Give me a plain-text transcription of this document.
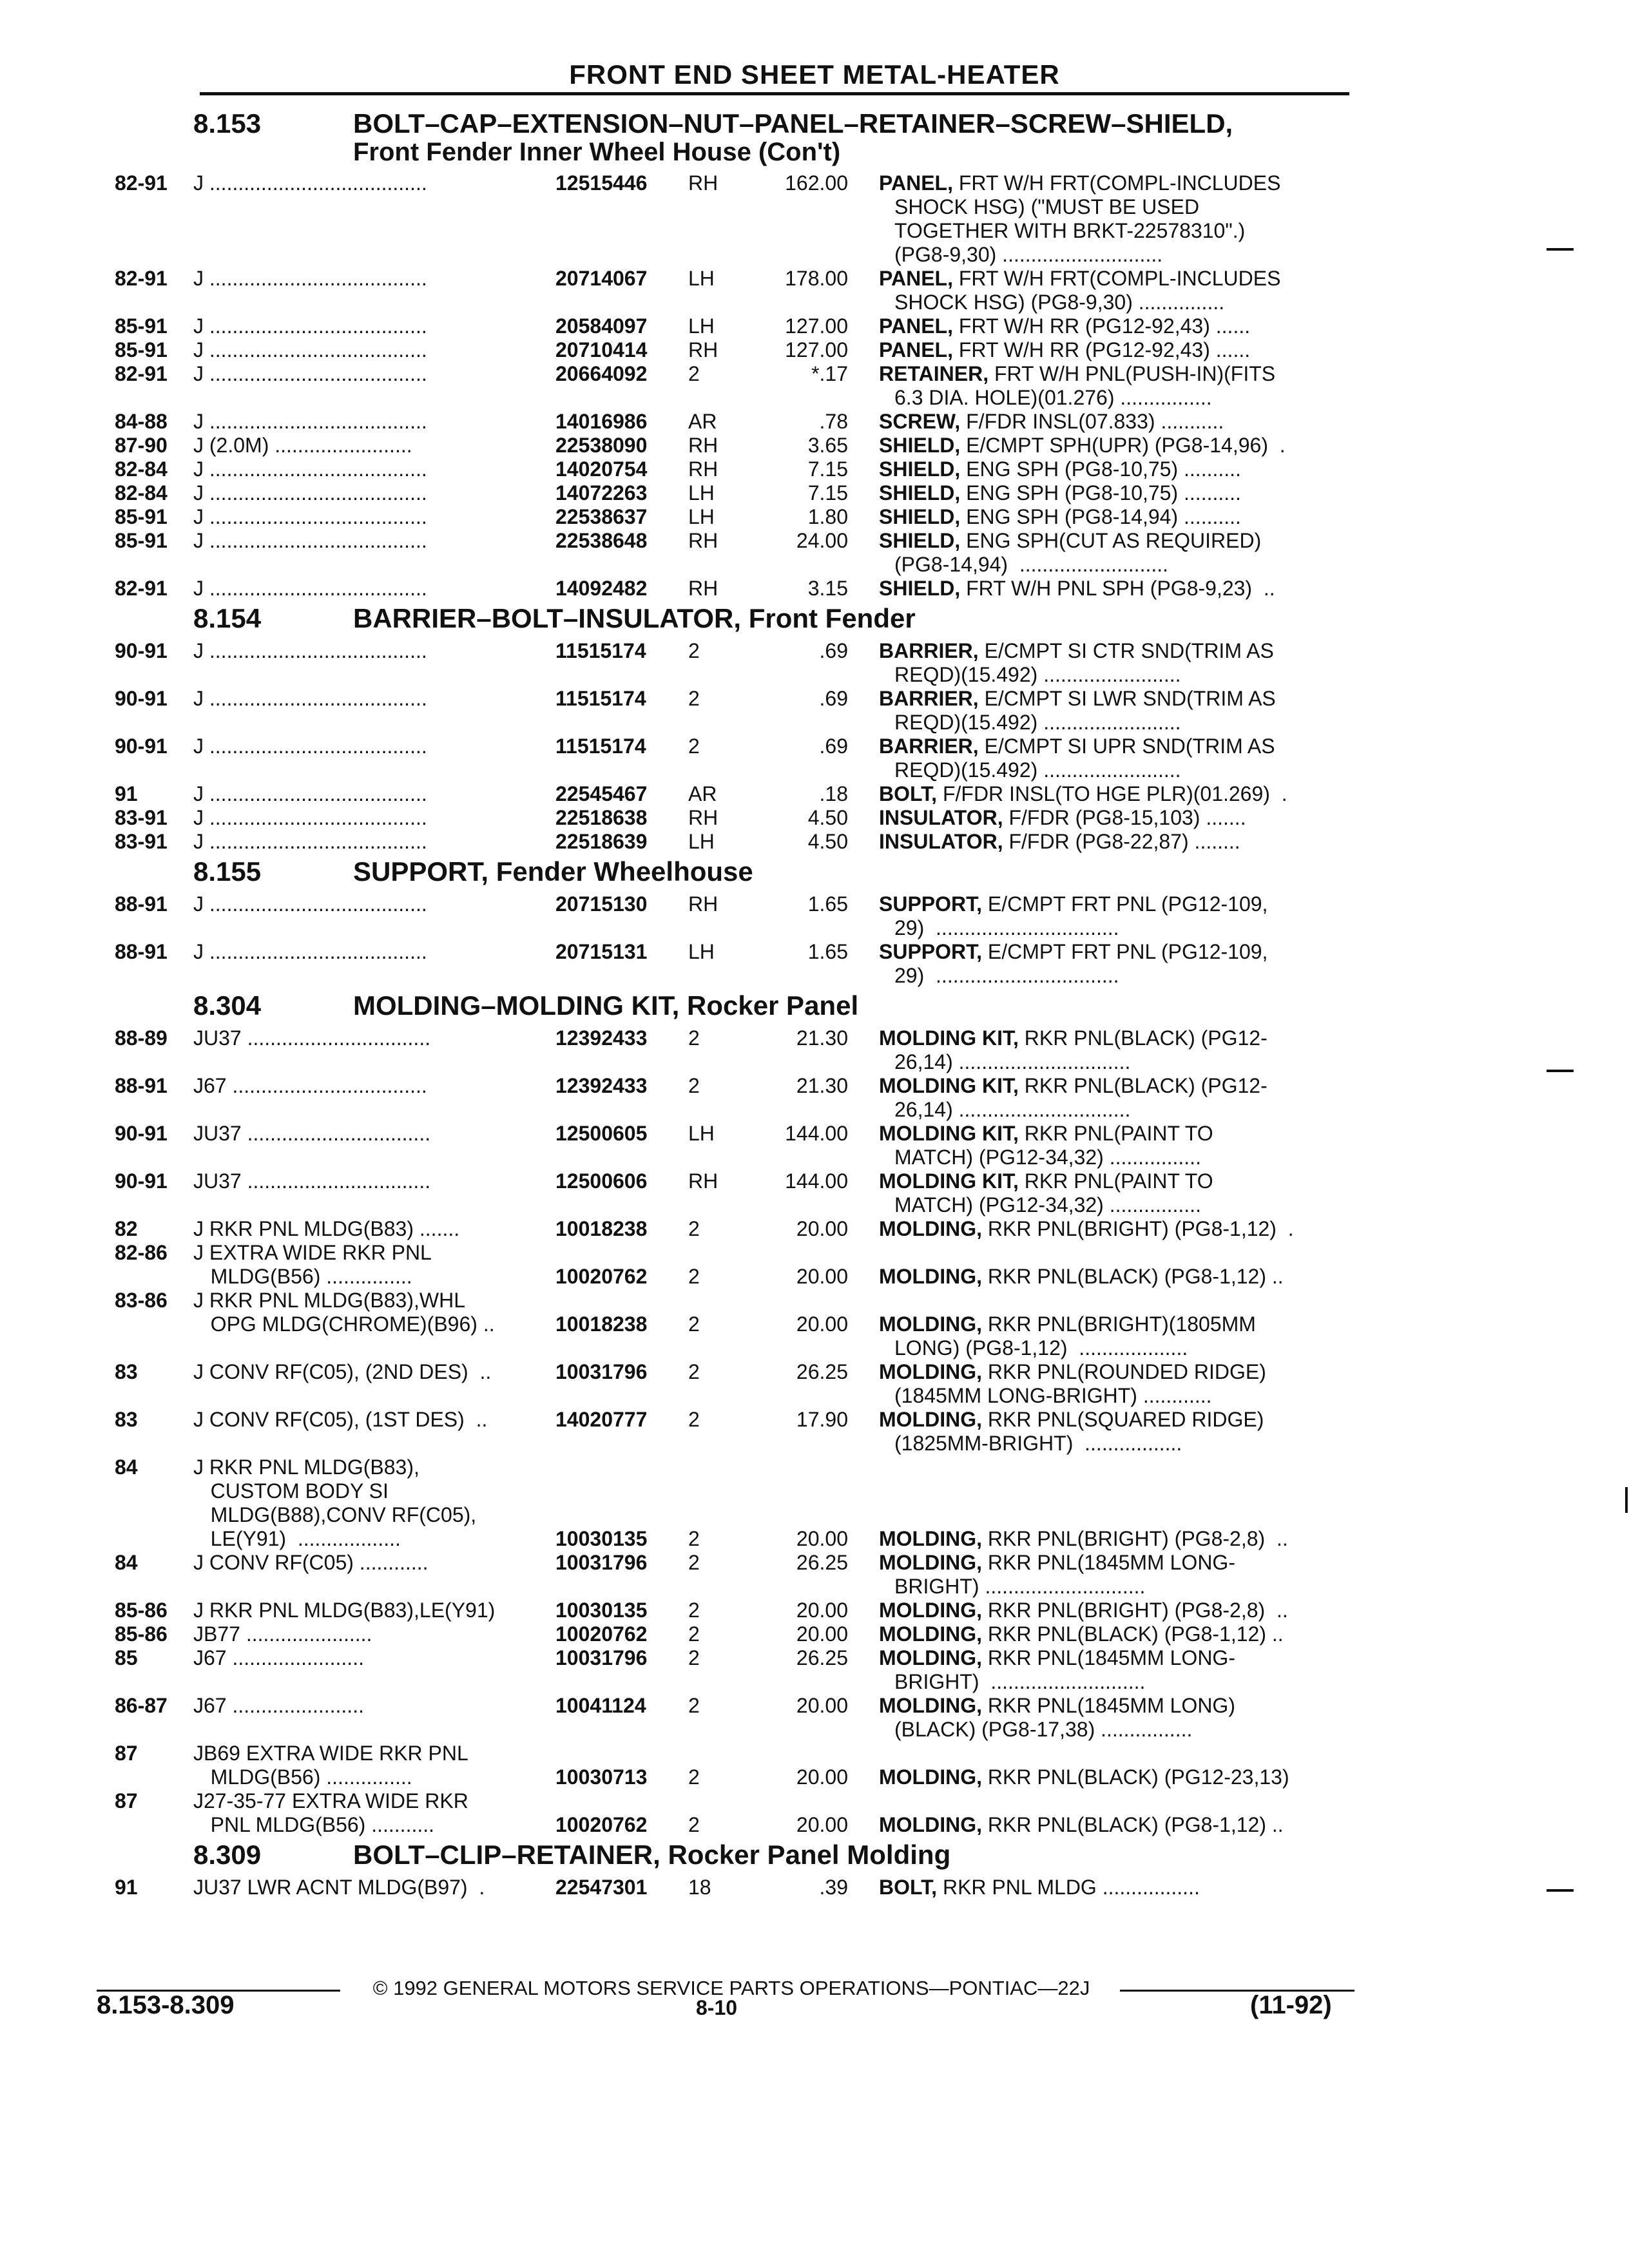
FRONT END SHEET METAL-HEATER
8.153	BOLT–CAP–EXTENSION–NUT–PANEL–RETAINER–SCREW–SHIELD,
Front Fender Inner Wheel House (Con't)
82-91 J ......................................	12515446 RH	162.00 PANEL, FRT W/H FRT(COMPL-INCLUDES
SHOCK HSG) ("MUST BE USED
TOGETHER WITH BRKT-22578310".)
(PG8-9,30) ............................
82-91 J ......................................	20714067 LH	178.00 PANEL, FRT W/H FRT(COMPL-INCLUDES
SHOCK HSG) (PG8-9,30) ...............
85-91 J ......................................	20584097 LH	127.00 PANEL, FRT W/H RR (PG12-92,43) ......
85-91 J ......................................	20710414 RH	127.00 PANEL, FRT W/H RR (PG12-92,43) ......
82-91 J ......................................	20664092 2	*.17 RETAINER, FRT W/H PNL(PUSH-IN)(FITS
6.3 DIA. HOLE)(01.276) ................
84-88 J ......................................	14016986 AR	.78 SCREW, F/FDR INSL(07.833) ...........
87-90 J (2.0M) ........................	22538090 RH	3.65 SHIELD, E/CMPT SPH(UPR) (PG8-14,96)  .
82-84 J ......................................	14020754 RH	7.15 SHIELD, ENG SPH (PG8-10,75) ..........
82-84 J ......................................	14072263 LH	7.15 SHIELD, ENG SPH (PG8-10,75) ..........
85-91 J ......................................	22538637 LH	1.80 SHIELD, ENG SPH (PG8-14,94) ..........
85-91 J ......................................	22538648 RH	24.00 SHIELD, ENG SPH(CUT AS REQUIRED)
(PG8-14,94)  ..........................
82-91 J ......................................	14092482 RH	3.15 SHIELD, FRT W/H PNL SPH (PG8-9,23)  ..
8.154	BARRIER–BOLT–INSULATOR, Front Fender
90-91 J ......................................	11515174 2	.69 BARRIER, E/CMPT SI CTR SND(TRIM AS
REQD)(15.492) ........................
90-91 J ......................................	11515174 2	.69 BARRIER, E/CMPT SI LWR SND(TRIM AS
REQD)(15.492) ........................
90-91 J ......................................	11515174 2	.69 BARRIER, E/CMPT SI UPR SND(TRIM AS
REQD)(15.492) ........................
91	J ......................................	22545467 AR	.18 BOLT, F/FDR INSL(TO HGE PLR)(01.269)  .
83-91 J ......................................	22518638 RH	4.50 INSULATOR, F/FDR (PG8-15,103) .......
83-91 J ......................................	22518639 LH	4.50 INSULATOR, F/FDR (PG8-22,87) ........
8.155	SUPPORT, Fender Wheelhouse
88-91 J ......................................	20715130 RH	1.65 SUPPORT, E/CMPT FRT PNL (PG12-109,
29)  ................................
88-91 J ......................................	20715131 LH	1.65 SUPPORT, E/CMPT FRT PNL (PG12-109,
29)  ................................
8.304	MOLDING–MOLDING KIT, Rocker Panel
88-89 JU37 ................................	12392433 2	21.30 MOLDING KIT, RKR PNL(BLACK) (PG12-
26,14) ..............................
88-91 J67 ..................................	12392433 2	21.30 MOLDING KIT, RKR PNL(BLACK) (PG12-
26,14) ..............................
90-91 JU37 ................................	12500605 LH	144.00 MOLDING KIT, RKR PNL(PAINT TO
MATCH) (PG12-34,32) ................
90-91 JU37 ................................	12500606 RH	144.00 MOLDING KIT, RKR PNL(PAINT TO
MATCH) (PG12-34,32) ................
82	J RKR PNL MLDG(B83) .......	10018238 2	20.00 MOLDING, RKR PNL(BRIGHT) (PG8-1,12)  .
82-86 J EXTRA WIDE RKR PNL
MLDG(B56) ...............	10020762 2	20.00 MOLDING, RKR PNL(BLACK) (PG8-1,12) ..
83-86 J RKR PNL MLDG(B83),WHL
OPG MLDG(CHROME)(B96) ..	10018238 2	20.00 MOLDING, RKR PNL(BRIGHT)(1805MM
LONG) (PG8-1,12)  ...................
83	J CONV RF(C05), (2ND DES)  ..	10031796 2	26.25 MOLDING, RKR PNL(ROUNDED RIDGE)
(1845MM LONG-BRIGHT) ............
83	J CONV RF(C05), (1ST DES)  ..	14020777 2	17.90 MOLDING, RKR PNL(SQUARED RIDGE)
(1825MM-BRIGHT)  .................
84	J RKR PNL MLDG(B83),
CUSTOM BODY SI
MLDG(B88),CONV RF(C05),
LE(Y91)  ..................	10030135 2	20.00 MOLDING, RKR PNL(BRIGHT) (PG8-2,8)  ..
84	J CONV RF(C05) ............	10031796 2	26.25 MOLDING, RKR PNL(1845MM LONG-
BRIGHT) ............................
85-86 J RKR PNL MLDG(B83),LE(Y91)	10030135 2	20.00 MOLDING, RKR PNL(BRIGHT) (PG8-2,8)  ..
85-86 JB77 ......................	10020762 2	20.00 MOLDING, RKR PNL(BLACK) (PG8-1,12) ..
85	J67 .......................	10031796 2	26.25 MOLDING, RKR PNL(1845MM LONG-
BRIGHT)  ...........................
86-87 J67 .......................	10041124 2	20.00 MOLDING, RKR PNL(1845MM LONG)
(BLACK) (PG8-17,38) ................
87	JB69 EXTRA WIDE RKR PNL
MLDG(B56) ...............	10030713 2	20.00 MOLDING, RKR PNL(BLACK) (PG12-23,13)
87	J27-35-77 EXTRA WIDE RKR
PNL MLDG(B56) ...........	10020762 2	20.00 MOLDING, RKR PNL(BLACK) (PG8-1,12) ..
8.309	BOLT–CLIP–RETAINER, Rocker Panel Molding
91	JU37 LWR ACNT MLDG(B97)  .	22547301 18	.39 BOLT, RKR PNL MLDG .................
© 1992 GENERAL MOTORS SERVICE PARTS OPERATIONS—PONTIAC—22J
8.153-8.309	8-10	(11-92)
